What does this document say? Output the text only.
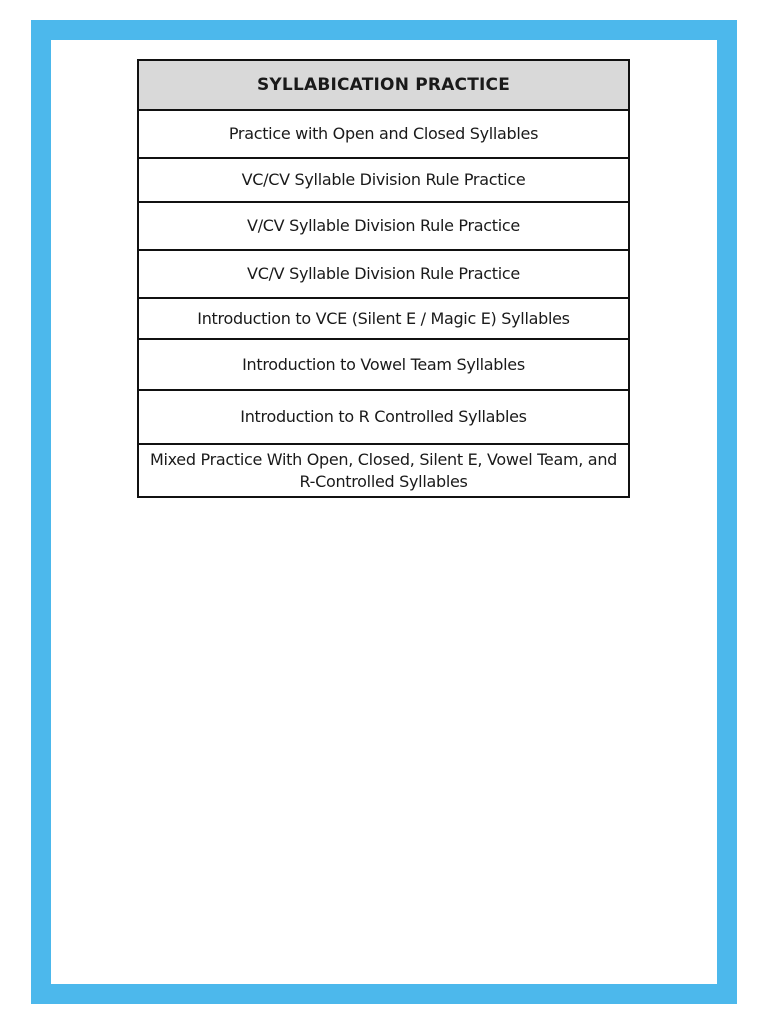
SYLLABICATION PRACTICE
Practice with Open and Closed Syllables
VC/CV Syllable Division Rule Practice
V/CV Syllable Division Rule Practice
VC/V Syllable Division Rule Practice
Introduction to VCE (Silent E / Magic E) Syllables
Introduction to Vowel Team Syllables
Introduction to R Controlled Syllables
Mixed Practice With Open, Closed, Silent E, Vowel Team, and R-Controlled Syllables
